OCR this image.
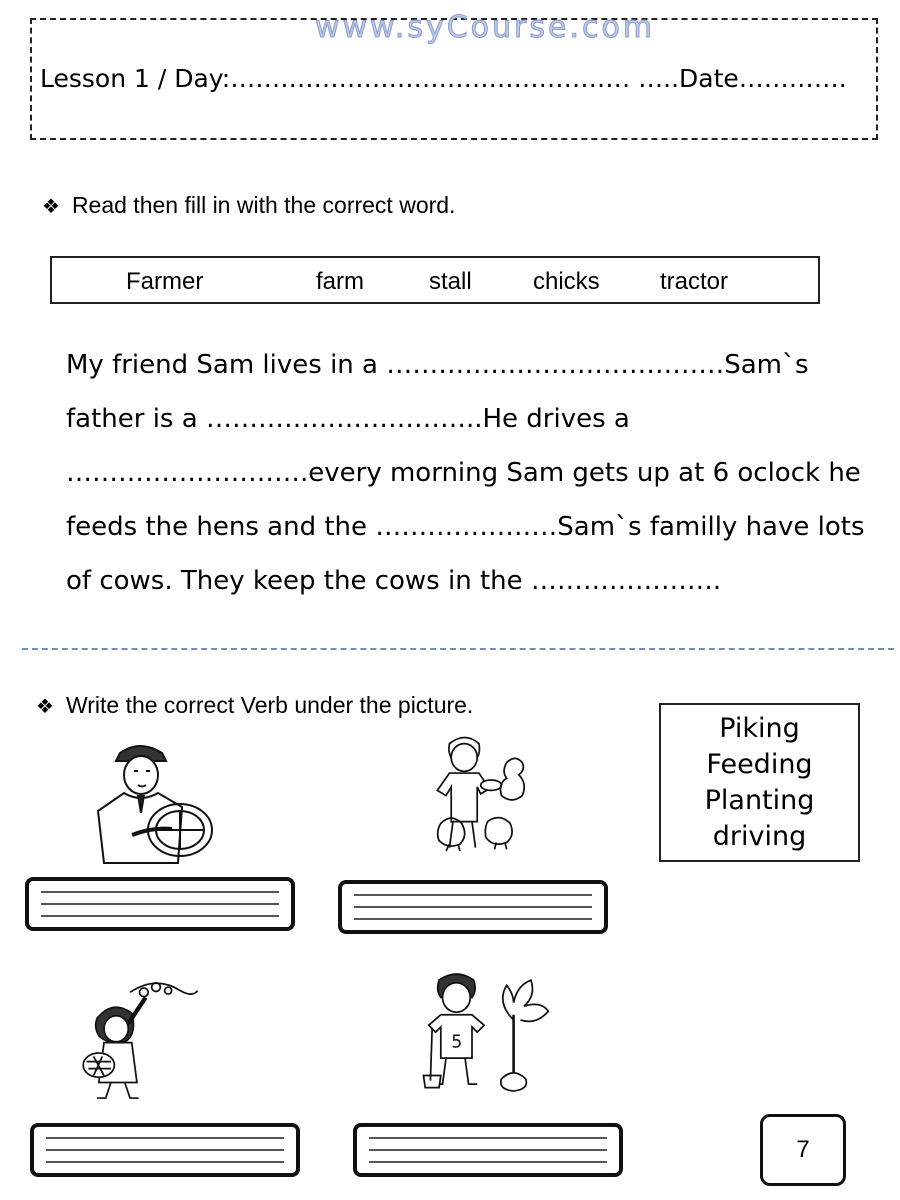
www.syCourse.com
Lesson 1 / Day:………………………………………… …..Date………….
❖ Read then fill in with the correct word.
Farmer	farm	stall	chicks	tractor
My friend Sam lives in a …………………………………Sam`s
father is a …………………………..He drives a
……………………….every morning Sam gets up at 6 oclock he
feeds the hens and the …………………Sam`s familly have lots
of cows. They keep the cows in the ………………….
❖ Write the correct Verb under the picture.
Piking
Feeding
Planting
driving
5
7
